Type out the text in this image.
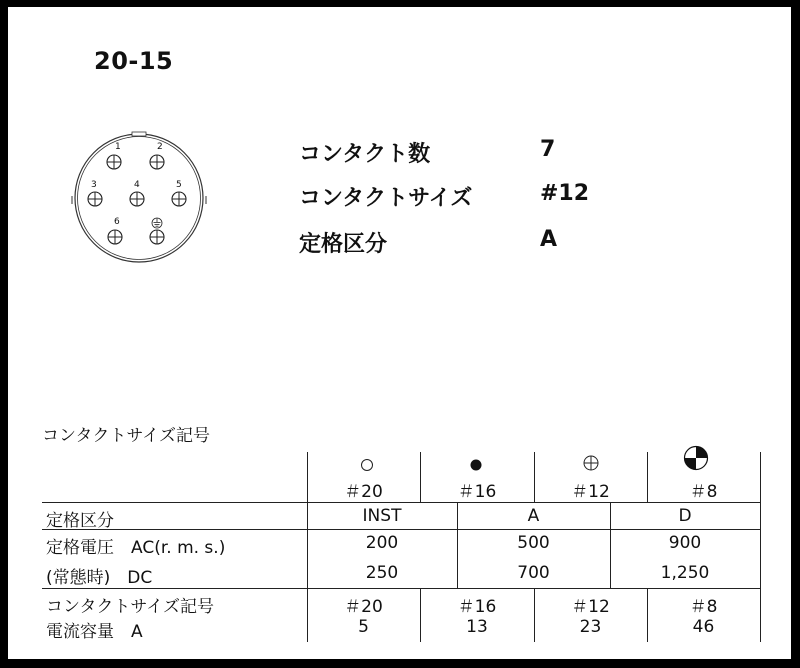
20-15
1	2
3	4	5
6
コンタクト数	7
コンタクトサイズ	#12
定格区分	A
コンタクトサイズ記号
＃20	＃16	＃12	＃8
定格区分	INST	A	D
定格電圧　AC(r. m. s.)	200	500	900
(常態時)　DC	250	700	1,250
コンタクトサイズ記号	＃20	＃16	＃12	＃8
電流容量　A	5	13	23	46
